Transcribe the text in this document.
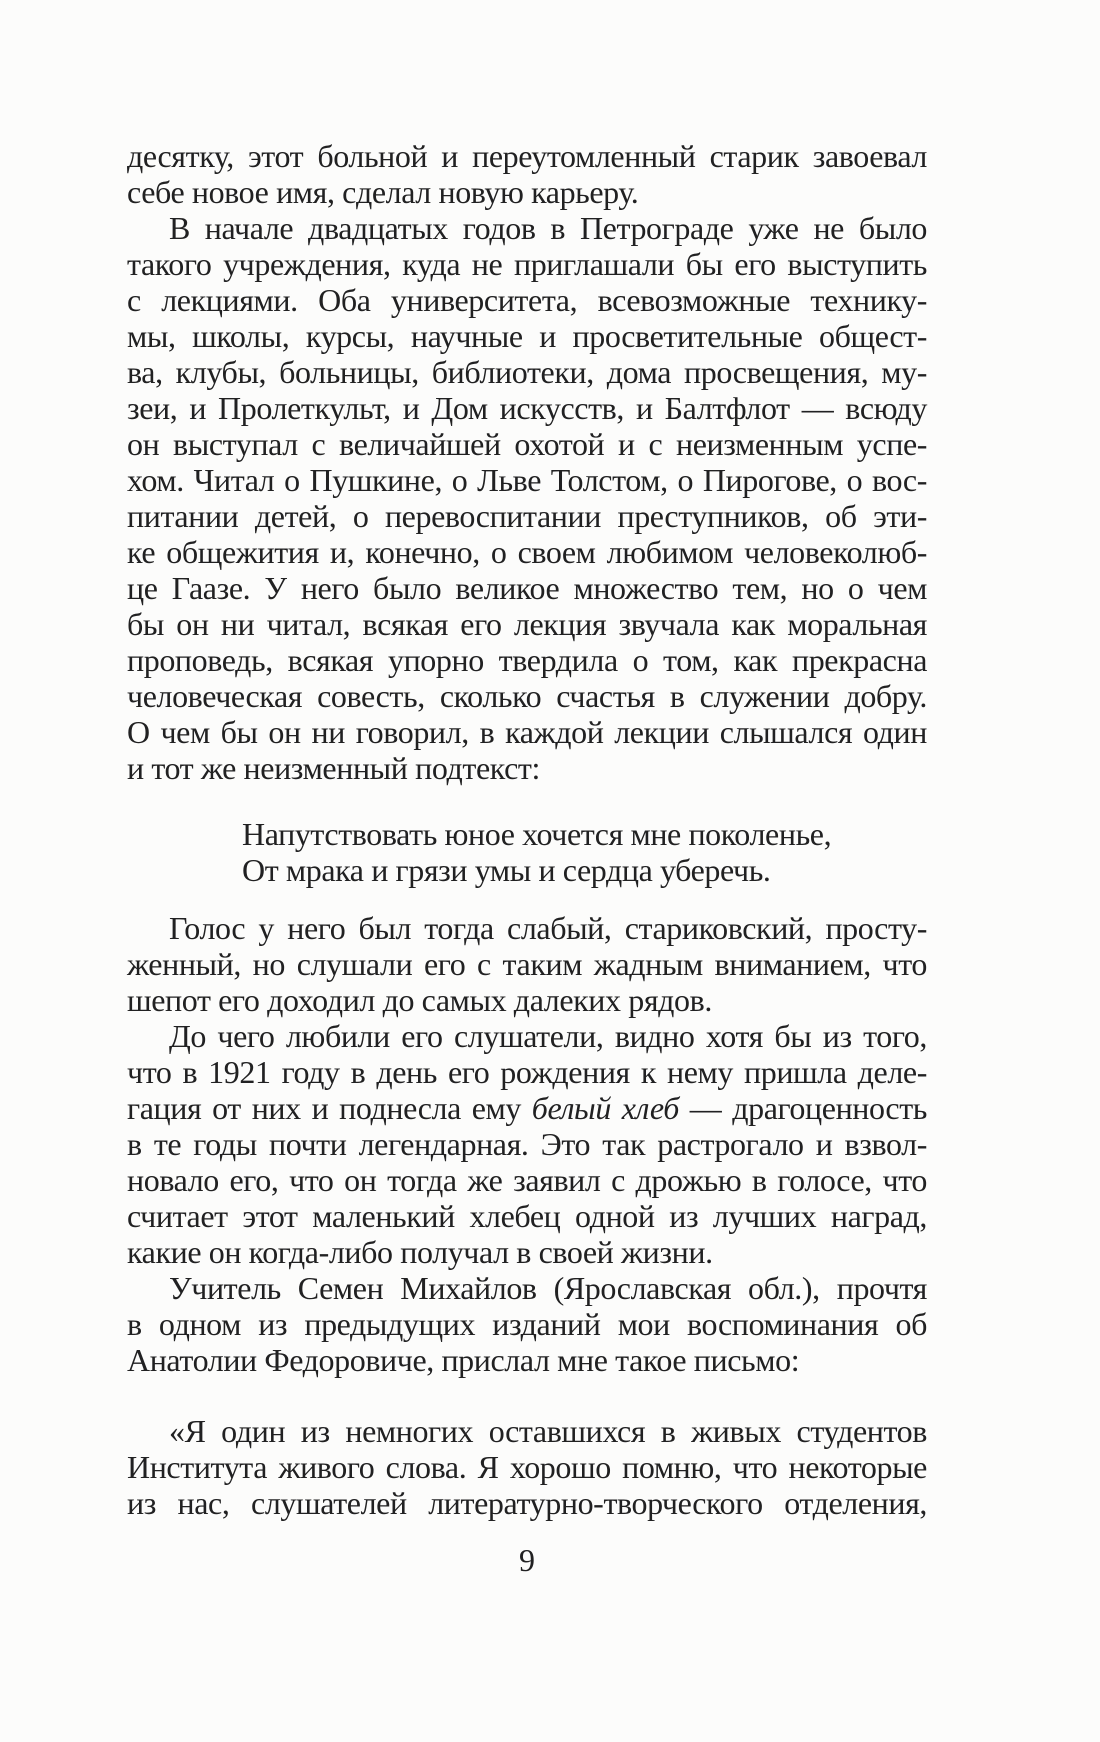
десятку, этот больной и переутомленный старик завоевал
себе новое имя, сделал новую карьеру.
В начале двадцатых годов в Петрограде уже не было
такого учреждения, куда не приглашали бы его выступить
с лекциями. Оба университета, всевозможные технику-
мы, школы, курсы, научные и просветительные общест-
ва, клубы, больницы, библиотеки, дома просвещения, му-
зеи, и Пролеткульт, и Дом искусств, и Балтфлот — всюду
он выступал с величайшей охотой и с неизменным успе-
хом. Читал о Пушкине, о Льве Толстом, о Пирогове, о вос-
питании детей, о перевоспитании преступников, об эти-
ке общежития и, конечно, о своем любимом человеколюб-
це Гаазе. У него было великое множество тем, но о чем
бы он ни читал, всякая его лекция звучала как моральная
проповедь, всякая упорно твердила о том, как прекрасна
человеческая совесть, сколько счастья в служении добру.
О чем бы он ни говорил, в каждой лекции слышался один
и тот же неизменный подтекст:
Напутствовать юное хочется мне поколенье,
От мрака и грязи умы и сердца уберечь.
Голос у него был тогда слабый, стариковский, просту-
женный, но слушали его с таким жадным вниманием, что
шепот его доходил до самых далеких рядов.
До чего любили его слушатели, видно хотя бы из того,
что в 1921 году в день его рождения к нему пришла деле-
гация от них и поднесла ему белый хлеб — драгоценность
в те годы почти легендарная. Это так растрогало и взвол-
новало его, что он тогда же заявил с дрожью в голосе, что
считает этот маленький хлебец одной из лучших наград,
какие он когда-либо получал в своей жизни.
Учитель Семен Михайлов (Ярославская обл.), прочтя
в одном из предыдущих изданий мои воспоминания об
Анатолии Федоровиче, прислал мне такое письмо:
«Я один из немногих оставшихся в живых студентов
Института живого слова. Я хорошо помню, что некоторые
из нас, слушателей литературно-творческого отделения,
9
